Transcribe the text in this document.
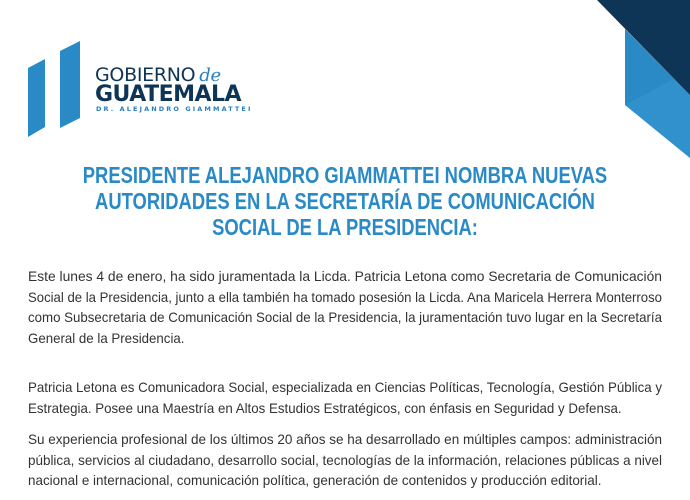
GOBIERNO de
GUATEMALA
DR. ALEJANDRO GIAMMATTEI
PRESIDENTE ALEJANDRO GIAMMATTEI NOMBRA NUEVAS
AUTORIDADES EN LA SECRETARÍA DE COMUNICACIÓN
SOCIAL DE LA PRESIDENCIA:
Este lunes 4 de enero, ha sido juramentada la Licda. Patricia Letona como Secretaria de Comunicación
Social de la Presidencia, junto a ella también ha tomado posesión la Licda. Ana Maricela Herrera Monterroso
como Subsecretaria de Comunicación Social de la Presidencia, la juramentación tuvo lugar en la Secretaría
General de la Presidencia.
Patricia Letona es Comunicadora Social, especializada en Ciencias Políticas, Tecnología, Gestión Pública y
Estrategia. Posee una Maestría en Altos Estudios Estratégicos, con énfasis en Seguridad y Defensa.
Su experiencia profesional de los últimos 20 años se ha desarrollado en múltiples campos: administración
pública, servicios al ciudadano, desarrollo social, tecnologías de la información, relaciones públicas a nivel
nacional e internacional, comunicación política, generación de contenidos y producción editorial.
